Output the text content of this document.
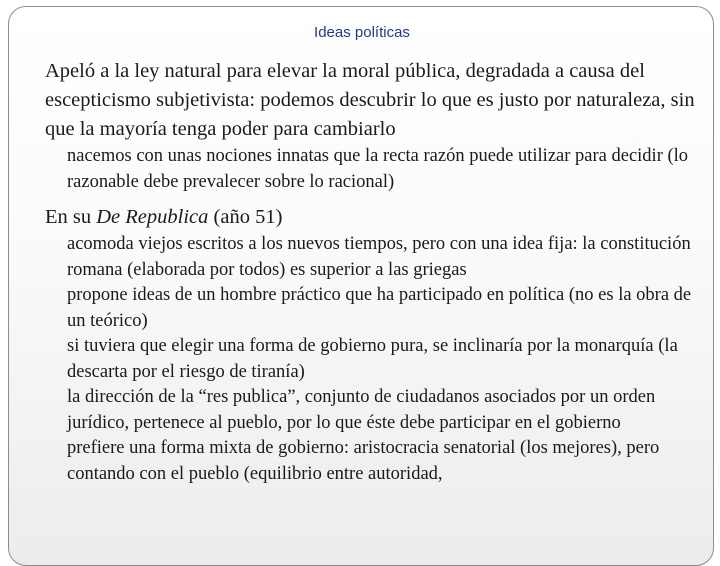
Ideas políticas

Apeló a la ley natural para elevar la moral pública, degradada a causa del escepticismo subjetivista: podemos descubrir lo que es justo por naturaleza, sin que la mayoría tenga poder para cambiarlo

nacemos con unas nociones innatas que la recta razón puede utilizar para decidir (lo razonable debe prevalecer sobre lo racional)

En su De Republica (año 51)

acomoda viejos escritos a los nuevos tiempos, pero con una idea fija: la constitución romana (elaborada por todos) es superior a las griegas

propone ideas de un hombre práctico que ha participado en política (no es la obra de un teórico)

si tuviera que elegir una forma de gobierno pura, se inclinaría por la monarquía (la descarta por el riesgo de tiranía)

la dirección de la “res publica”, conjunto de ciudadanos asociados por un orden jurídico, pertenece al pueblo, por lo que éste debe participar en el gobierno

prefiere una forma mixta de gobierno: aristocracia senatorial (los mejores), pero contando con el pueblo (equilibrio entre autoridad,
